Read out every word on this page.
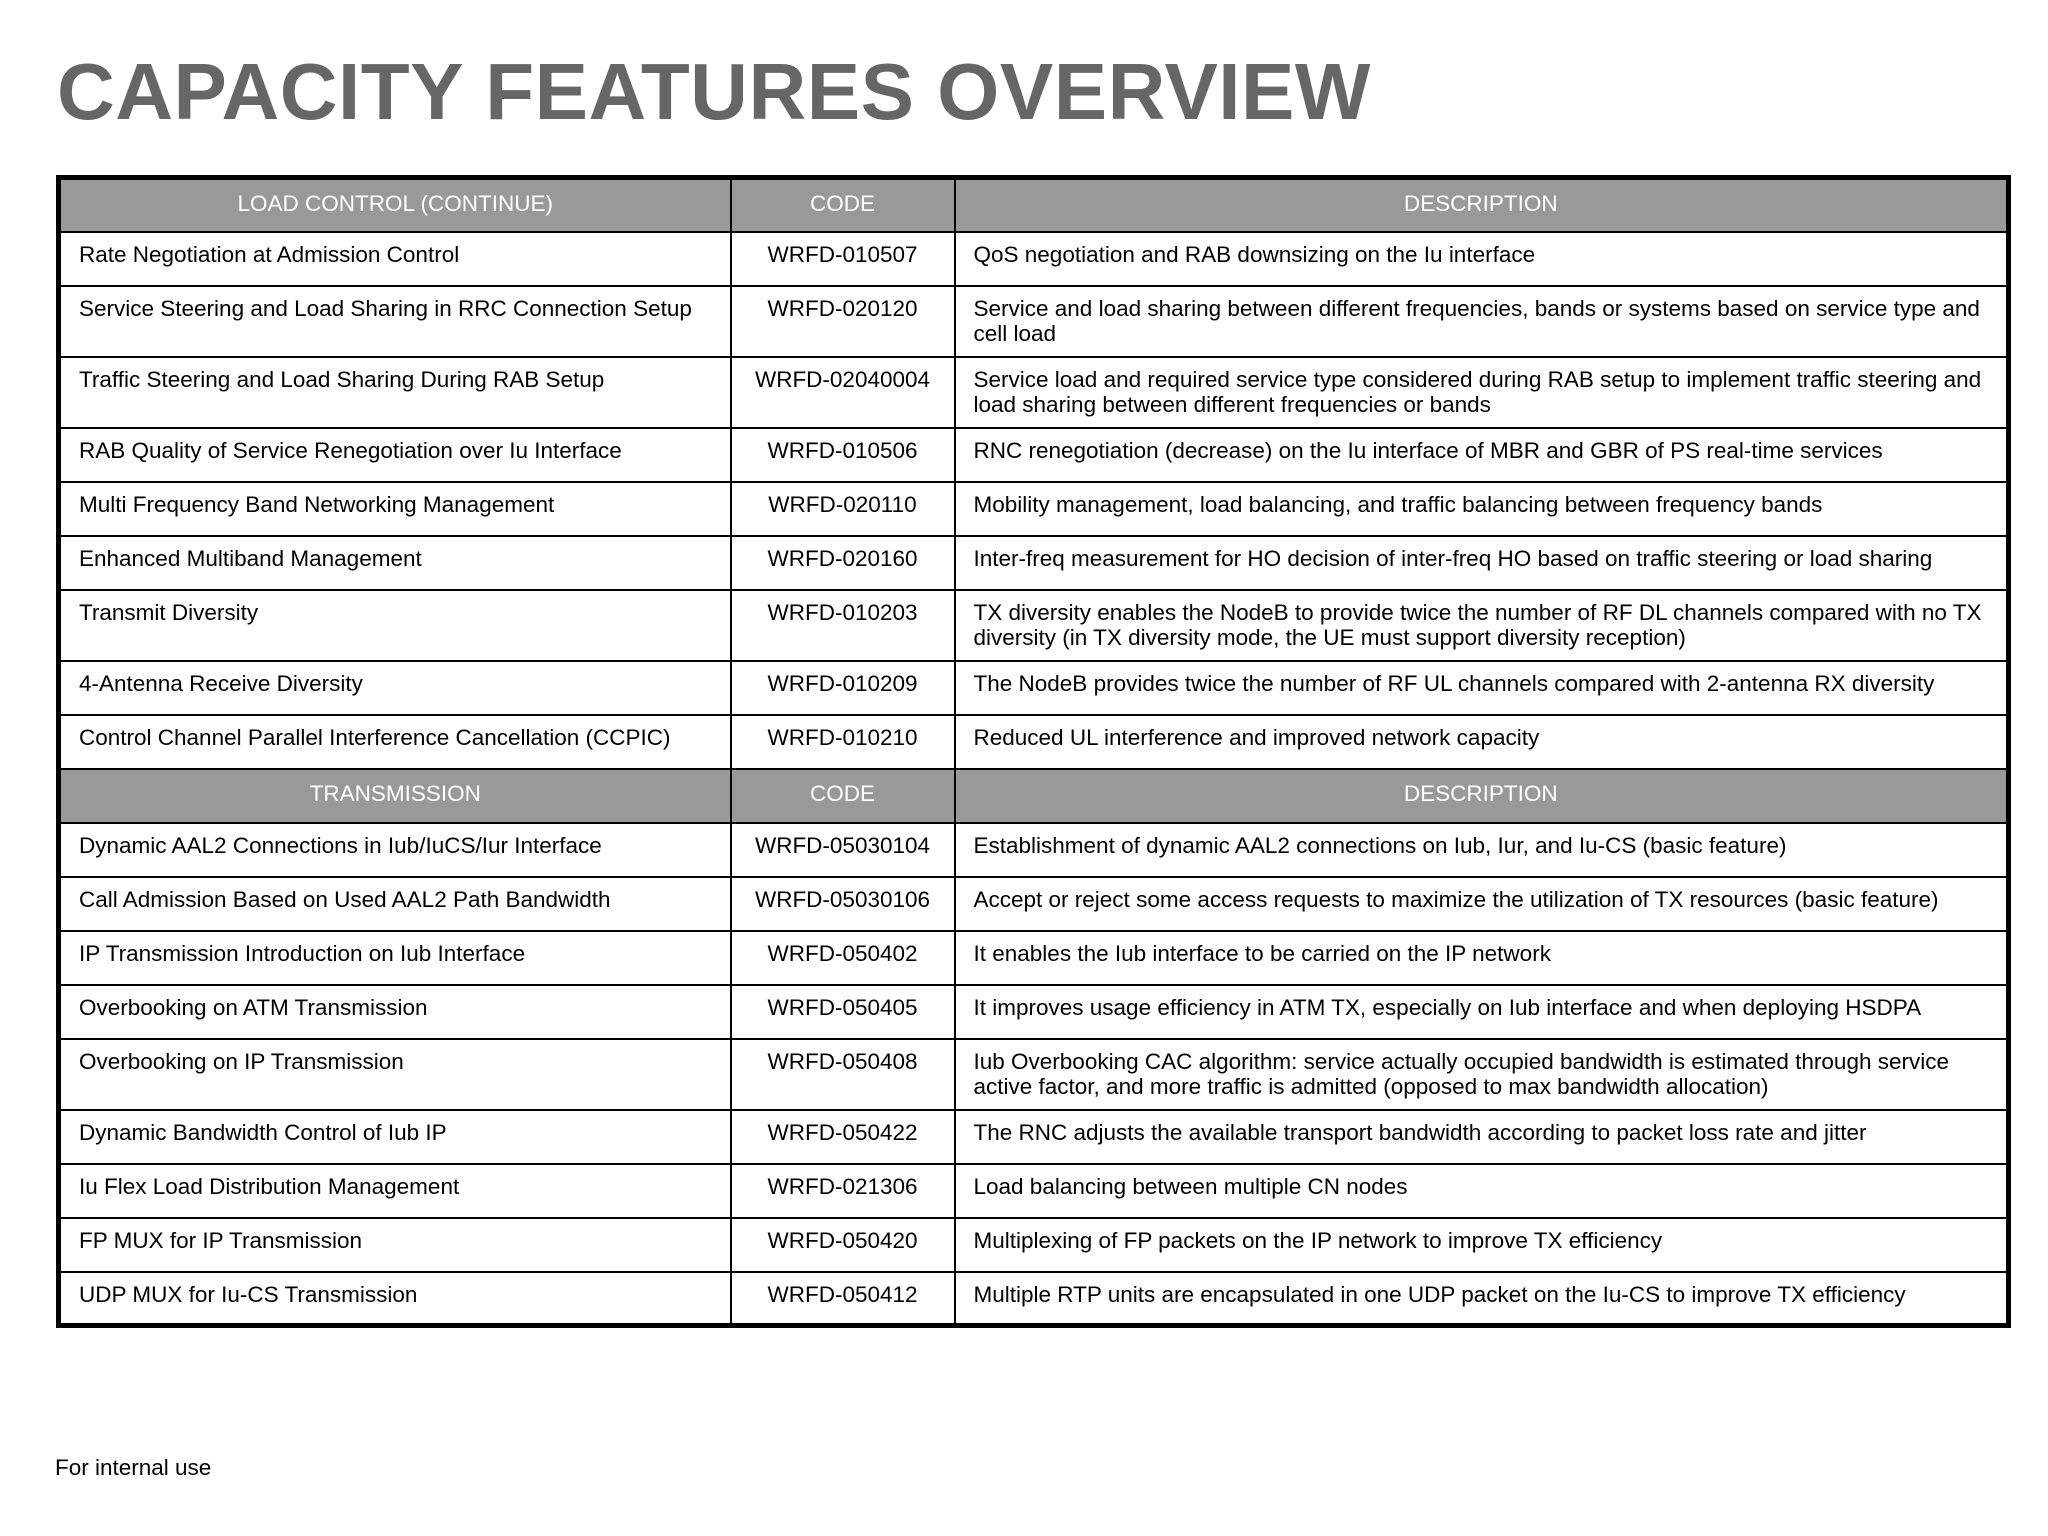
CAPACITY FEATURES OVERVIEW
LOAD CONTROL (CONTINUE)	CODE	DESCRIPTION
Rate Negotiation at Admission Control	WRFD-010507	QoS negotiation and RAB downsizing on the Iu interface
Service Steering and Load Sharing in RRC Connection Setup	WRFD-020120	Service and load sharing between different frequencies, bands or systems based on service type and cell load
Traffic Steering and Load Sharing During RAB Setup	WRFD-02040004	Service load and required service type considered during RAB setup to implement traffic steering and load sharing between different frequencies or bands
RAB Quality of Service Renegotiation over Iu Interface	WRFD-010506	RNC renegotiation (decrease) on the Iu interface of MBR and GBR of PS real-time services
Multi Frequency Band Networking Management	WRFD-020110	Mobility management, load balancing, and traffic balancing between frequency bands
Enhanced Multiband Management	WRFD-020160	Inter-freq measurement for HO decision of inter-freq HO based on traffic steering or load sharing
Transmit Diversity	WRFD-010203	TX diversity enables the NodeB to provide twice the number of RF DL channels compared with no TX diversity (in TX diversity mode, the UE must support diversity reception)
4-Antenna Receive Diversity	WRFD-010209	The NodeB provides twice the number of RF UL channels compared with 2-antenna RX diversity
Control Channel Parallel Interference Cancellation (CCPIC)	WRFD-010210	Reduced UL interference and improved network capacity
TRANSMISSION	CODE	DESCRIPTION
Dynamic AAL2 Connections in Iub/IuCS/Iur Interface	WRFD-05030104	Establishment of dynamic AAL2 connections on Iub, Iur, and Iu-CS (basic feature)
Call Admission Based on Used AAL2 Path Bandwidth	WRFD-05030106	Accept or reject some access requests to maximize the utilization of TX resources (basic feature)
IP Transmission Introduction on Iub Interface	WRFD-050402	It enables the Iub interface to be carried on the IP network
Overbooking on ATM Transmission	WRFD-050405	It improves usage efficiency in ATM TX, especially on Iub interface and when deploying HSDPA
Overbooking on IP Transmission	WRFD-050408	Iub Overbooking CAC algorithm: service actually occupied bandwidth is estimated through service active factor, and more traffic is admitted (opposed to max bandwidth allocation)
Dynamic Bandwidth Control of Iub IP	WRFD-050422	The RNC adjusts the available transport bandwidth according to packet loss rate and jitter
Iu Flex Load Distribution Management	WRFD-021306	Load balancing between multiple CN nodes
FP MUX for IP Transmission	WRFD-050420	Multiplexing of FP packets on the IP network to improve TX efficiency
UDP MUX for Iu-CS Transmission	WRFD-050412	Multiple RTP units are encapsulated in one UDP packet on the Iu-CS to improve TX efficiency

For internal use
